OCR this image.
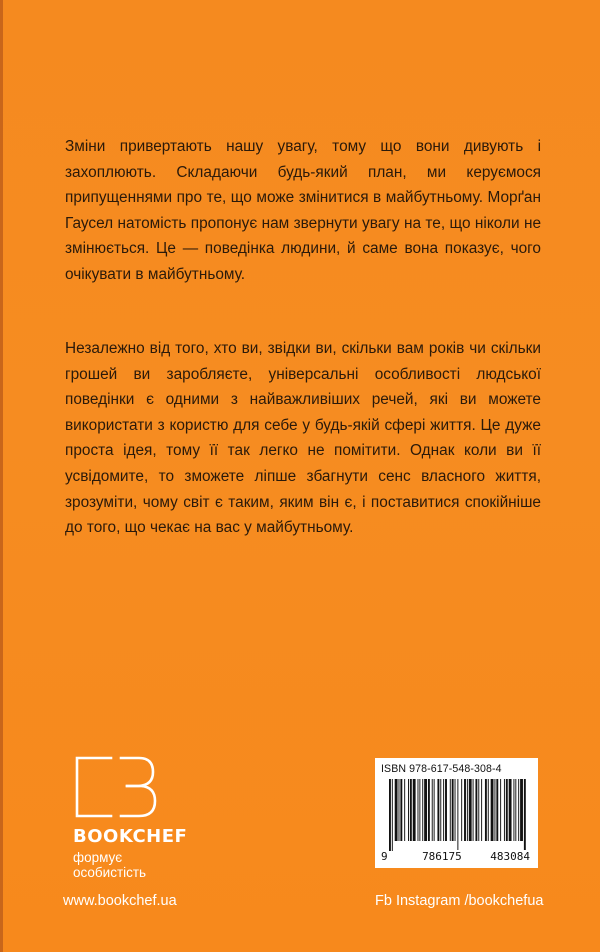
Зміни привертають нашу увагу, тому що вони дивують і захоплюють. Складаючи будь-який план, ми керуємося припущеннями про те, що може змінитися в майбутньому. Морґан Гаусел натомість пропонує нам звернути увагу на те, що ніколи не змінюється. Це — поведінка людини, й саме вона показує, чого очікувати в майбутньому.

Незалежно від того, хто ви, звідки ви, скільки вам років чи скільки грошей ви заробляєте, універсальні особливості людської поведінки є одними з найважливіших речей, які ви можете використати з користю для себе у будь-якій сфері життя. Це дуже проста ідея, тому її так легко не помітити. Однак коли ви її усвідомите, то зможете ліпше збагнути сенс власного життя, зрозуміти, чому світ є таким, яким він є, і поставитися спокійніше до того, що чекає на вас у майбутньому.

BOOKCHEF
формує особистість
www.bookchef.ua	Fb Instagram /bookchefua
ISBN 978-617-548-308-4
9	786175	483084
